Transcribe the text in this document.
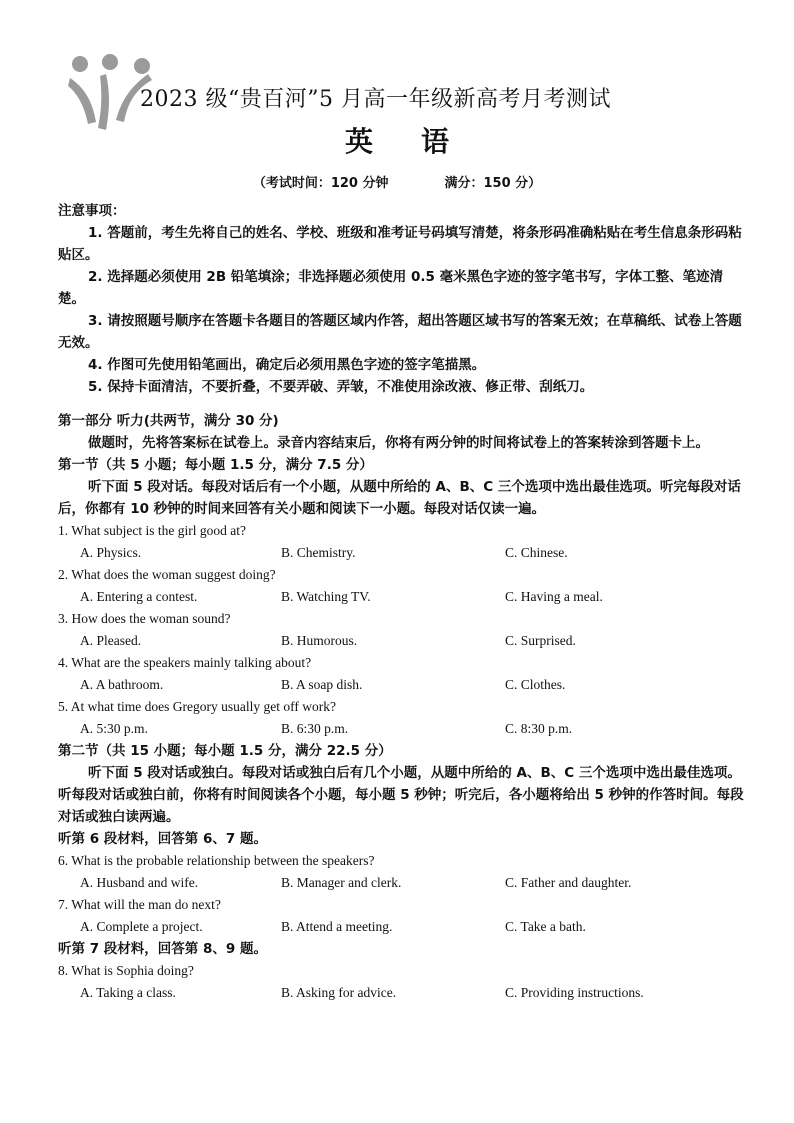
2023 级“贵百河”5 月高一年级新高考月考测试
英语
（考试时间：120 分钟	满分：150 分）

注意事项：

1. 答题前，考生先将自己的姓名、学校、班级和准考证号码填写清楚，将条形码准确粘贴在考生信息条形码粘贴区。

2. 选择题必须使用 2B 铅笔填涂；非选择题必须使用 0.5 毫米黑色字迹的签字笔书写，字体工整、笔迹清楚。

3. 请按照题号顺序在答题卡各题目的答题区域内作答，超出答题区域书写的答案无效；在草稿纸、试卷上答题无效。

4. 作图可先使用铅笔画出，确定后必须用黑色字迹的签字笔描黑。

5. 保持卡面清洁，不要折叠，不要弄破、弄皱，不准使用涂改液、修正带、刮纸刀。

第一部分 听力(共两节，满分 30 分)

做题时，先将答案标在试卷上。录音内容结束后，你将有两分钟的时间将试卷上的答案转涂到答题卡上。

第一节（共 5 小题；每小题 1.5 分，满分 7.5 分）

听下面 5 段对话。每段对话后有一个小题，从题中所给的 A、B、C 三个选项中选出最佳选项。听完每段对话后，你都有 10 秒钟的时间来回答有关小题和阅读下一小题。每段对话仅读一遍。

1. What subject is the girl good at?

A. Physics.	B. Chemistry.	C. Chinese.

2. What does the woman suggest doing?

A. Entering a contest.	B. Watching TV.	C. Having a meal.

3. How does the woman sound?

A. Pleased.	B. Humorous.	C. Surprised.

4. What are the speakers mainly talking about?

A. A bathroom.	B. A soap dish.	C. Clothes.

5. At what time does Gregory usually get off work?

A. 5:30 p.m.	B. 6:30 p.m.	C. 8:30 p.m.

第二节（共 15 小题；每小题 1.5 分，满分 22.5 分）

听下面 5 段对话或独白。每段对话或独白后有几个小题，从题中所给的 A、B、C 三个选项中选出最佳选项。听每段对话或独白前，你将有时间阅读各个小题，每小题 5 秒钟；听完后，各小题将给出 5 秒钟的作答时间。每段对话或独白读两遍。

听第 6 段材料，回答第 6、7 题。

6. What is the probable relationship between the speakers?

A. Husband and wife.	B. Manager and clerk.	C. Father and daughter.

7. What will the man do next?

A. Complete a project.	B. Attend a meeting.	C. Take a bath.

听第 7 段材料，回答第 8、9 题。

8. What is Sophia doing?

A. Taking a class.	B. Asking for advice.	C. Providing instructions.
